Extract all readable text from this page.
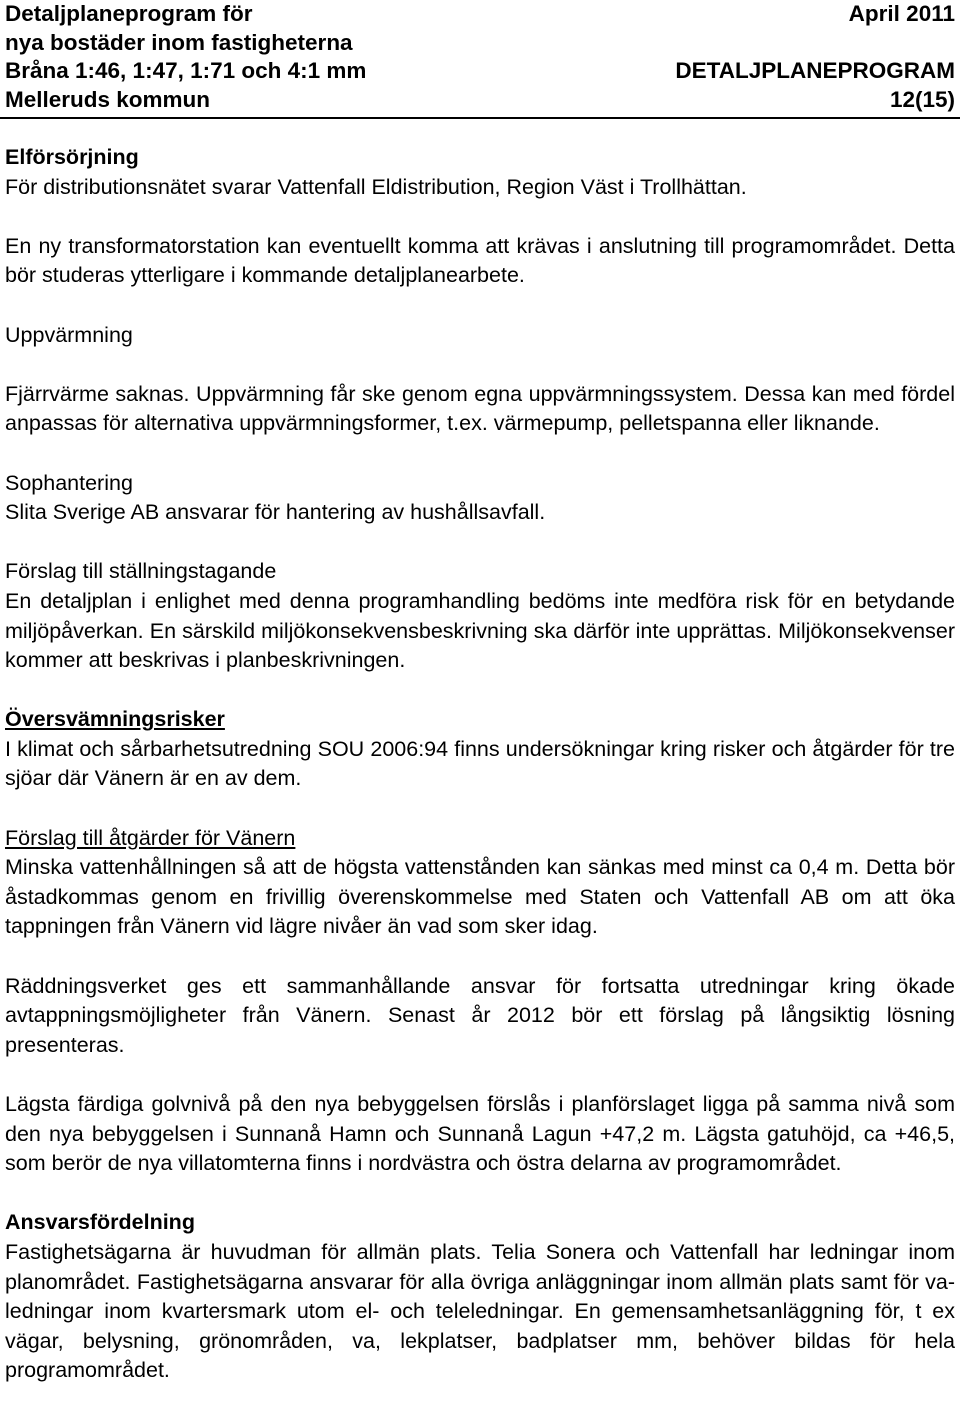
Detaljplaneprogram för	April 2011
nya bostäder inom fastigheterna
Bråna 1:46, 1:47, 1:71 och 4:1 mm	DETALJPLANEPROGRAM
Melleruds kommun	12(15)

Elförsörjning

För distributionsnätet svarar Vattenfall Eldistribution, Region Väst i Trollhättan.

En ny transformatorstation kan eventuellt komma att krävas i anslutning till programområdet. Detta bör studeras ytterligare i kommande detaljplanearbete.

Uppvärmning

Fjärrvärme saknas. Uppvärmning får ske genom egna uppvärmningssystem. Dessa kan med fördel anpassas för alternativa uppvärmningsformer, t.ex. värmepump, pelletspanna eller liknande.

Sophantering

Slita Sverige AB ansvarar för hantering av hushållsavfall.

Förslag till ställningstagande

En detaljplan i enlighet med denna programhandling bedöms inte medföra risk för en betydande miljöpåverkan. En särskild miljökonsekvensbeskrivning ska därför inte upprättas. Miljökonsekvenser kommer att beskrivas i planbeskrivningen.

Översvämningsrisker

I klimat och sårbarhetsutredning SOU 2006:94 finns undersökningar kring risker och åtgärder för tre sjöar där Vänern är en av dem.

Förslag till åtgärder för Vänern

Minska vattenhållningen så att de högsta vattenstånden kan sänkas med minst ca 0,4 m. Detta bör åstadkommas genom en frivillig överenskommelse med Staten och Vattenfall AB om att öka tappningen från Vänern vid lägre nivåer än vad som sker idag.

Räddningsverket ges ett sammanhållande ansvar för fortsatta utredningar kring ökade avtappningsmöjligheter från Vänern. Senast år 2012 bör ett förslag på långsiktig lösning presenteras.

Lägsta färdiga golvnivå på den nya bebyggelsen förslås i planförslaget ligga på samma nivå som den nya bebyggelsen i Sunnanå Hamn och Sunnanå Lagun +47,2 m. Lägsta gatuhöjd, ca +46,5, som berör de nya villatomterna finns i nordvästra och östra delarna av programområdet.

Ansvarsfördelning

Fastighetsägarna är huvudman för allmän plats. Telia Sonera och Vattenfall har ledningar inom planområdet. Fastighetsägarna ansvarar för alla övriga anläggningar inom allmän plats samt för va-ledningar inom kvartersmark utom el- och teleledningar. En gemensamhetsanläggning för, t ex vägar, belysning, grönområden, va, lekplatser, badplatser mm, behöver bildas för hela programområdet.
